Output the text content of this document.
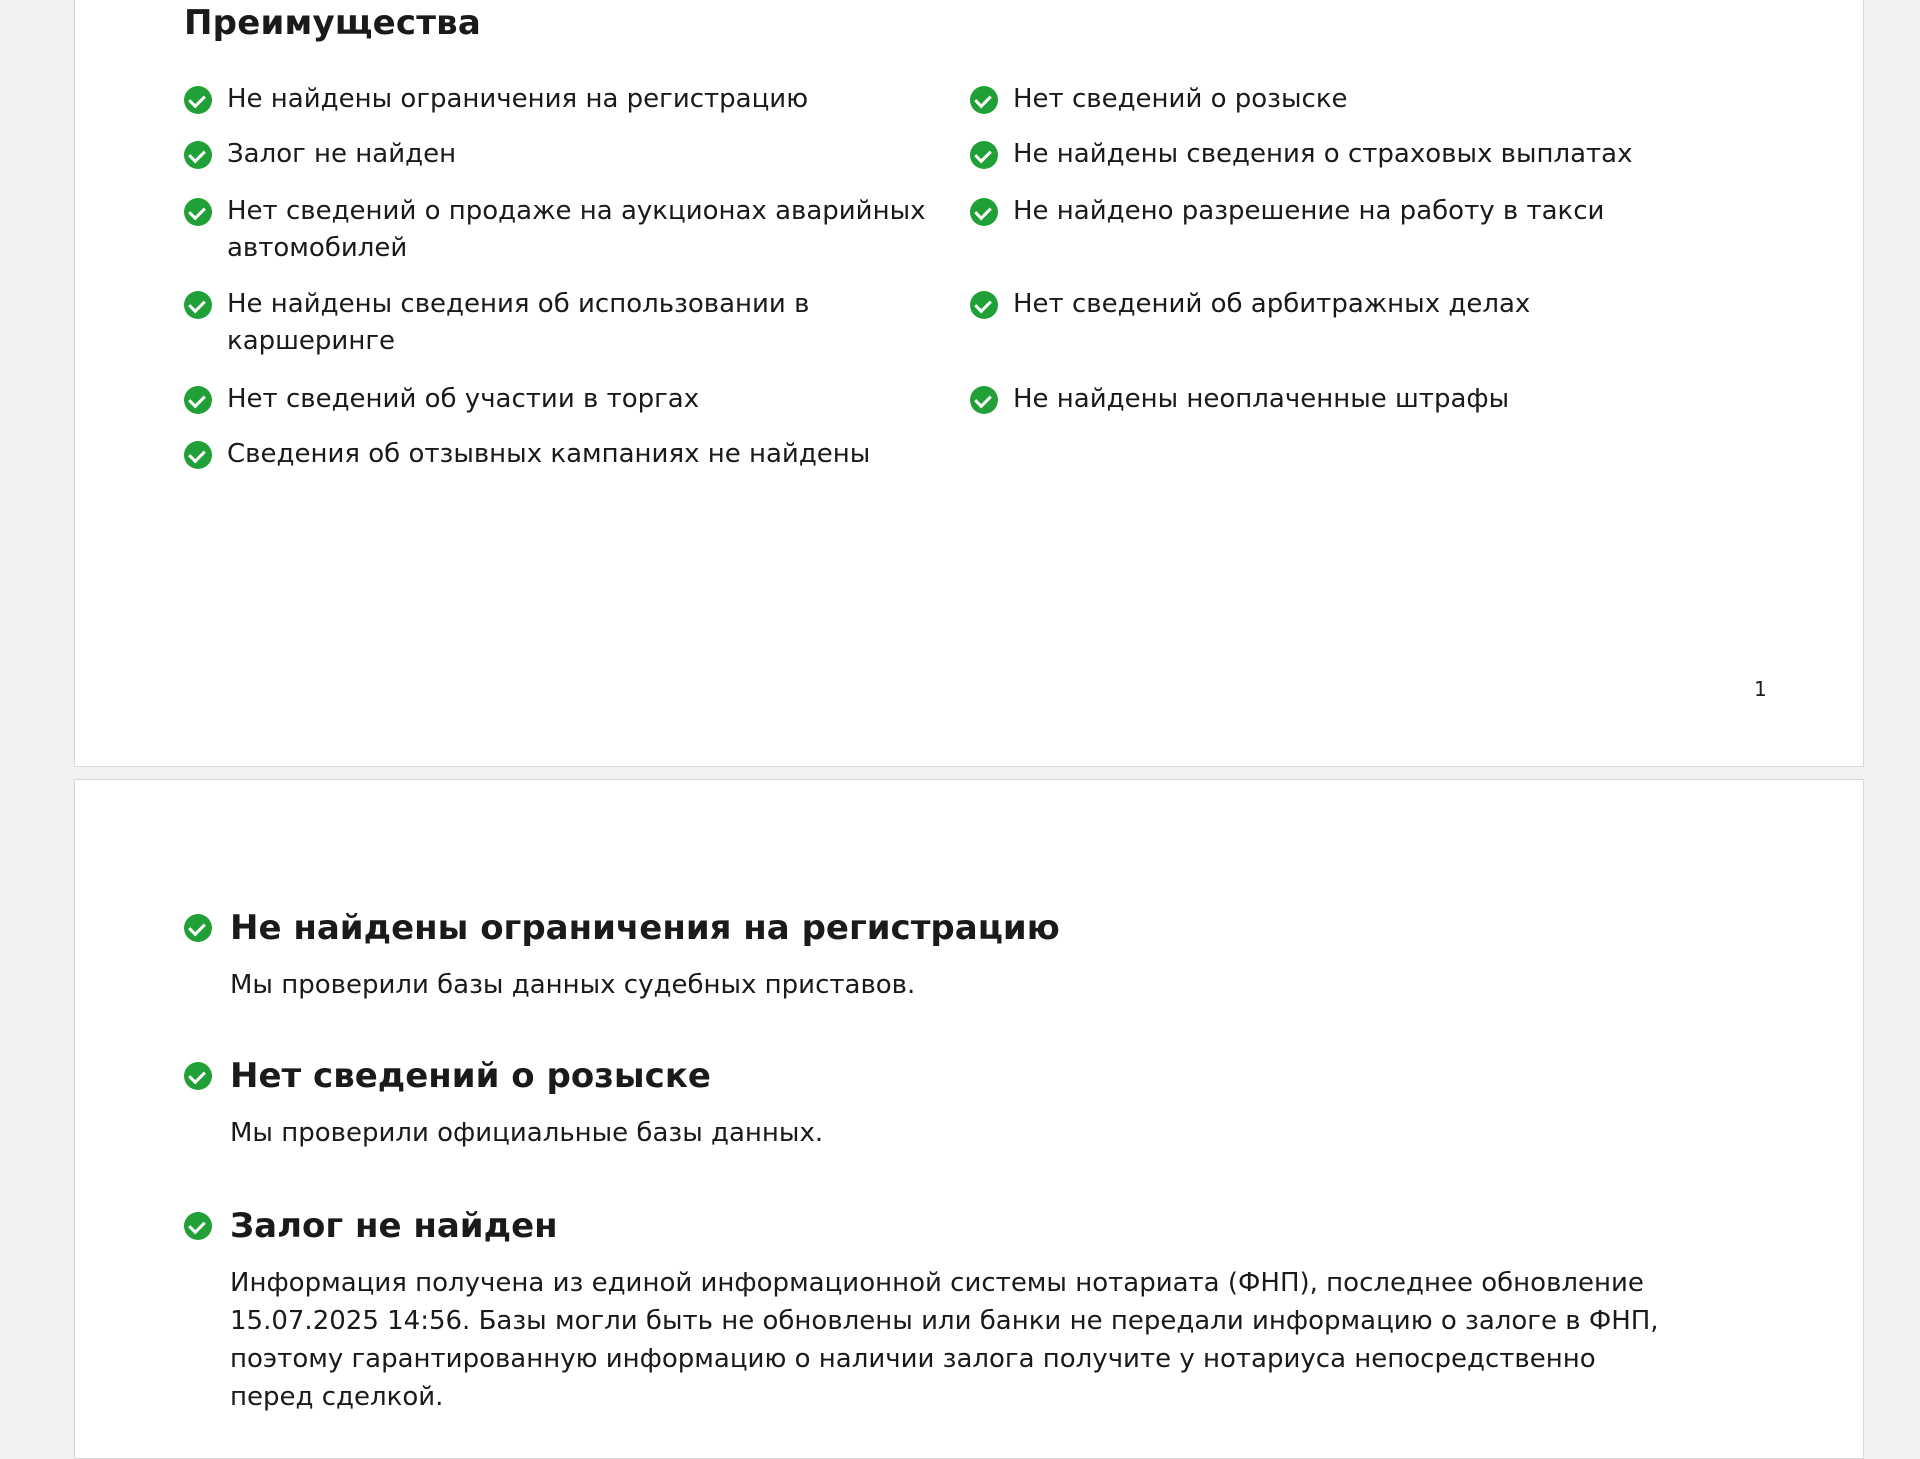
Преимущества
Не найдены ограничения на регистрацию
Залог не найден
Нет сведений о продаже на аукционах аварийных автомобилей
Не найдены сведения об использовании в каршеринге
Нет сведений об участии в торгах
Сведения об отзывных кампаниях не найдены
Нет сведений о розыске
Не найдены сведения о страховых выплатах
Не найдено разрешение на работу в такси
Нет сведений об арбитражных делах
Не найдены неоплаченные штрафы
1
Не найдены ограничения на регистрацию
Мы проверили базы данных судебных приставов.
Нет сведений о розыске
Мы проверили официальные базы данных.
Залог не найден
Информация получена из единой информационной системы нотариата (ФНП), последнее обновление 15.07.2025 14:56. Базы могли быть не обновлены или банки не передали информацию о залоге в ФНП, поэтому гарантированную информацию о наличии залога получите у нотариуса непосредственно перед сделкой.
